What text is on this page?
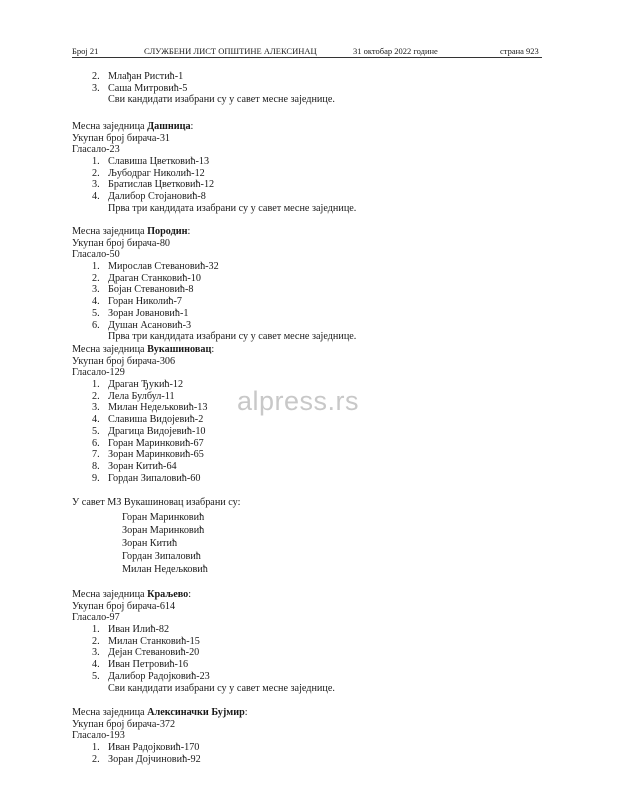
Број 21	СЛУЖБЕНИ ЛИСТ ОПШТИНЕ АЛЕКСИНАЦ	31 октобар 2022 године	страна 923
2. Млађан Ристић-1
3. Саша Митровић-5
Сви кандидати изабрани су у савет месне заједнице.
Месна заједница Дашница:
Укупан број бирача-31
Гласало-23
1. Славиша Цветковић-13
2. Љубодраг Николић-12
3. Братислав Цветковић-12
4. Далибор Стојановић-8
Прва три кандидата изабрани су у савет месне заједнице.
Месна заједница Породин:
Укупан број бирача-80
Гласало-50
1. Мирослав Стевановић-32
2. Драган Станковић-10
3. Бојан Стевановић-8
4. Горан Николић-7
5. Зоран Јовановић-1
6. Душан Асановић-3
Прва три кандидата изабрани су у савет месне заједнице.
Месна заједница Вукашиновац:
Укупан број бирача-306
Гласало-129
1. Драган Ђукић-12
2. Лела Булбул-11
3. Милан Недељковић-13
4. Славиша Видојевић-2
5. Драгица Видојевић-10
6. Горан Маринковић-67
7. Зоран Маринковић-65
8. Зоран Китић-64
9. Гордан Зипаловић-60
У савет МЗ Вукашиновац изабрани су:
Горан Маринковић
Зоран Маринковић
Зоран Китић
Гордан Зипаловић
Милан Недељковић
Месна заједница Краљево:
Укупан број бирача-614
Гласало-97
1. Иван Илић-82
2. Милан Станковић-15
3. Дејан Стевановић-20
4. Иван Петровић-16
5. Далибор Радојковић-23
Сви кандидати изабрани су у савет месне заједнице.
Месна заједница Алексиначки Бујмир:
Укупан број бирача-372
Гласало-193
1. Иван Радојковић-170
2. Зоран Дојчиновић-92
alpress.rs
